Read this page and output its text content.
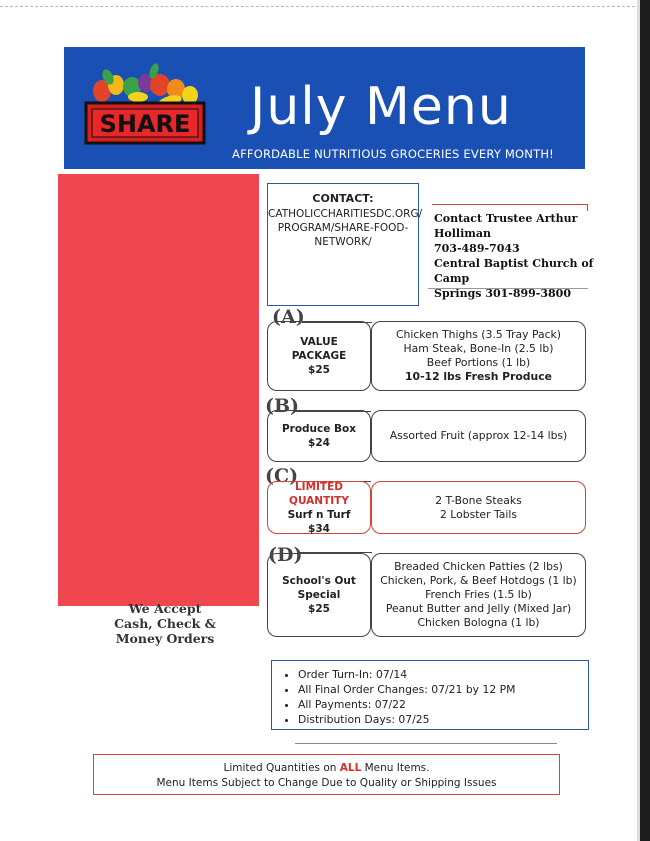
SHARE July Menu
AFFORDABLE NUTRITIOUS GROCERIES EVERY MONTH!
We Accept
Cash, Check &
Money Orders
CONTACT:
CATHOLICCHARITIESDC.ORG/ PROGRAM/SHARE-FOOD- NETWORK/
Contact Trustee Arthur Holliman
703-489-7043
Central Baptist Church of Camp
Springs 301-899-3800
(A)
VALUE
PACKAGE
$25
Chicken Thighs (3.5 Tray Pack)
Ham Steak, Bone-In (2.5 lb)
Beef Portions (1 lb)
10-12 lbs Fresh Produce
(B)
Produce Box
$24
Assorted Fruit (approx 12-14 lbs)
(C)
LIMITED QUANTITY
Surf n Turf
$34
2 T-Bone Steaks
2 Lobster Tails
(D)
School's Out
Special
$25
Breaded Chicken Patties (2 lbs)
Chicken, Pork, & Beef Hotdogs (1 lb)
French Fries (1.5 lb)
Peanut Butter and Jelly (Mixed Jar)
Chicken Bologna (1 lb)
• Order Turn-In: 07/14
• All Final Order Changes: 07/21 by 12 PM
• All Payments: 07/22
• Distribution Days: 07/25
Limited Quantities on ALL Menu Items.
Menu Items Subject to Change Due to Quality or Shipping Issues
